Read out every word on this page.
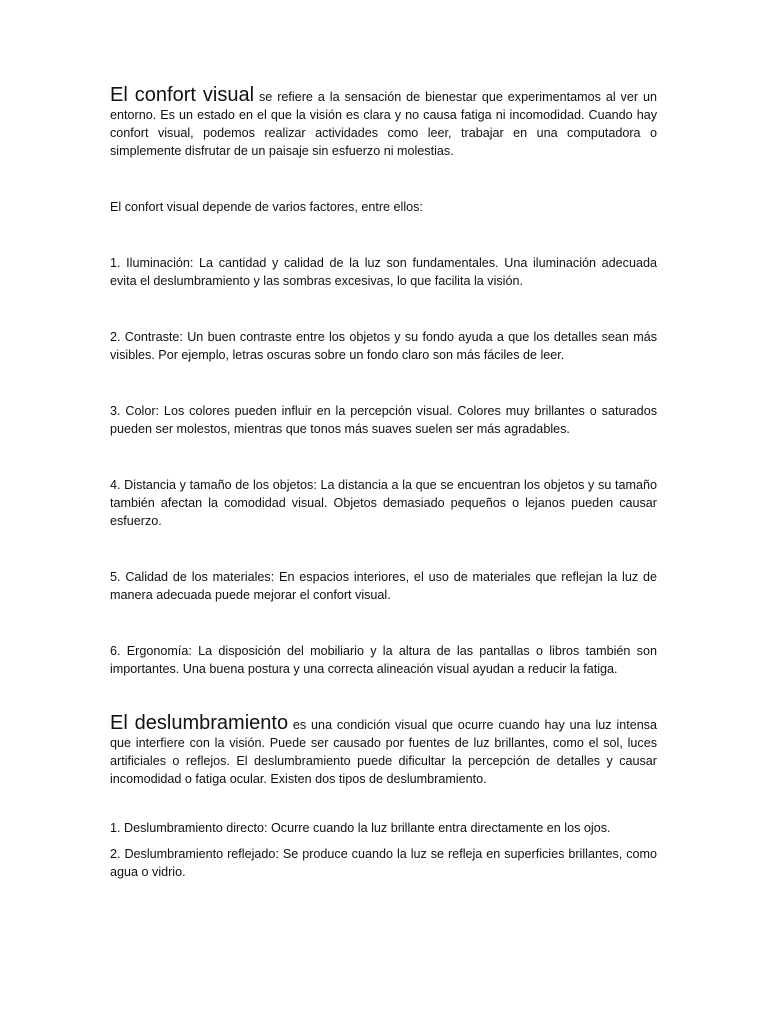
El confort visual se refiere a la sensación de bienestar que experimentamos al ver un entorno. Es un estado en el que la visión es clara y no causa fatiga ni incomodidad. Cuando hay confort visual, podemos realizar actividades como leer, trabajar en una computadora o simplemente disfrutar de un paisaje sin esfuerzo ni molestias.

El confort visual depende de varios factores, entre ellos:

1. Iluminación: La cantidad y calidad de la luz son fundamentales. Una iluminación adecuada evita el deslumbramiento y las sombras excesivas, lo que facilita la visión.

2. Contraste: Un buen contraste entre los objetos y su fondo ayuda a que los detalles sean más visibles. Por ejemplo, letras oscuras sobre un fondo claro son más fáciles de leer.

3. Color: Los colores pueden influir en la percepción visual. Colores muy brillantes o saturados pueden ser molestos, mientras que tonos más suaves suelen ser más agradables.

4. Distancia y tamaño de los objetos: La distancia a la que se encuentran los objetos y su tamaño también afectan la comodidad visual. Objetos demasiado pequeños o lejanos pueden causar esfuerzo.

5. Calidad de los materiales: En espacios interiores, el uso de materiales que reflejan la luz de manera adecuada puede mejorar el confort visual.

6. Ergonomía: La disposición del mobiliario y la altura de las pantallas o libros también son importantes. Una buena postura y una correcta alineación visual ayudan a reducir la fatiga.

El deslumbramiento es una condición visual que ocurre cuando hay una luz intensa que interfiere con la visión. Puede ser causado por fuentes de luz brillantes, como el sol, luces artificiales o reflejos. El deslumbramiento puede dificultar la percepción de detalles y causar incomodidad o fatiga ocular. Existen dos tipos de deslumbramiento.

1. Deslumbramiento directo: Ocurre cuando la luz brillante entra directamente en los ojos.

2. Deslumbramiento reflejado: Se produce cuando la luz se refleja en superficies brillantes, como agua o vidrio.
